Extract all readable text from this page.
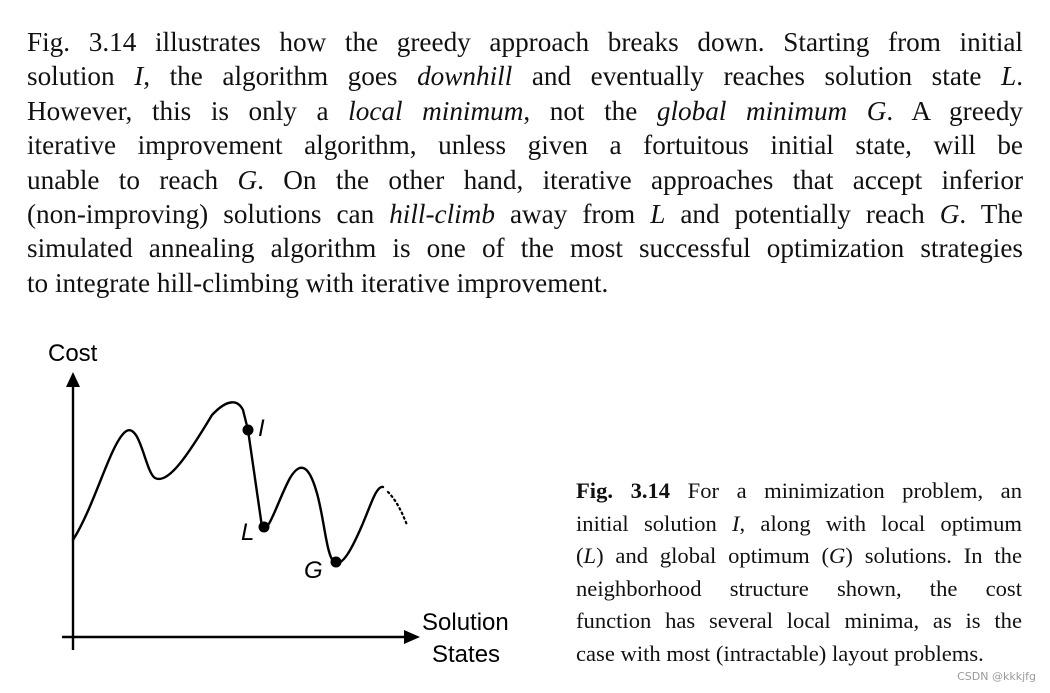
Fig. 3.14 illustrates how the greedy approach breaks down. Starting from initial
solution I, the algorithm goes downhill and eventually reaches solution state L.
However, this is only a local minimum, not the global minimum G. A greedy
iterative improvement algorithm, unless given a fortuitous initial state, will be
unable to reach G. On the other hand, iterative approaches that accept inferior
(non-improving) solutions can hill-climb away from L and potentially reach G. The
simulated annealing algorithm is one of the most successful optimization strategies
to integrate hill-climbing with iterative improvement.
Cost
Solution
States
I
L
G
Fig. 3.14 For a minimization problem, an
initial solution I, along with local optimum
(L) and global optimum (G) solutions. In the
neighborhood structure shown, the cost
function has several local minima, as is the
case with most (intractable) layout problems.
CSDN @kkkjfg
